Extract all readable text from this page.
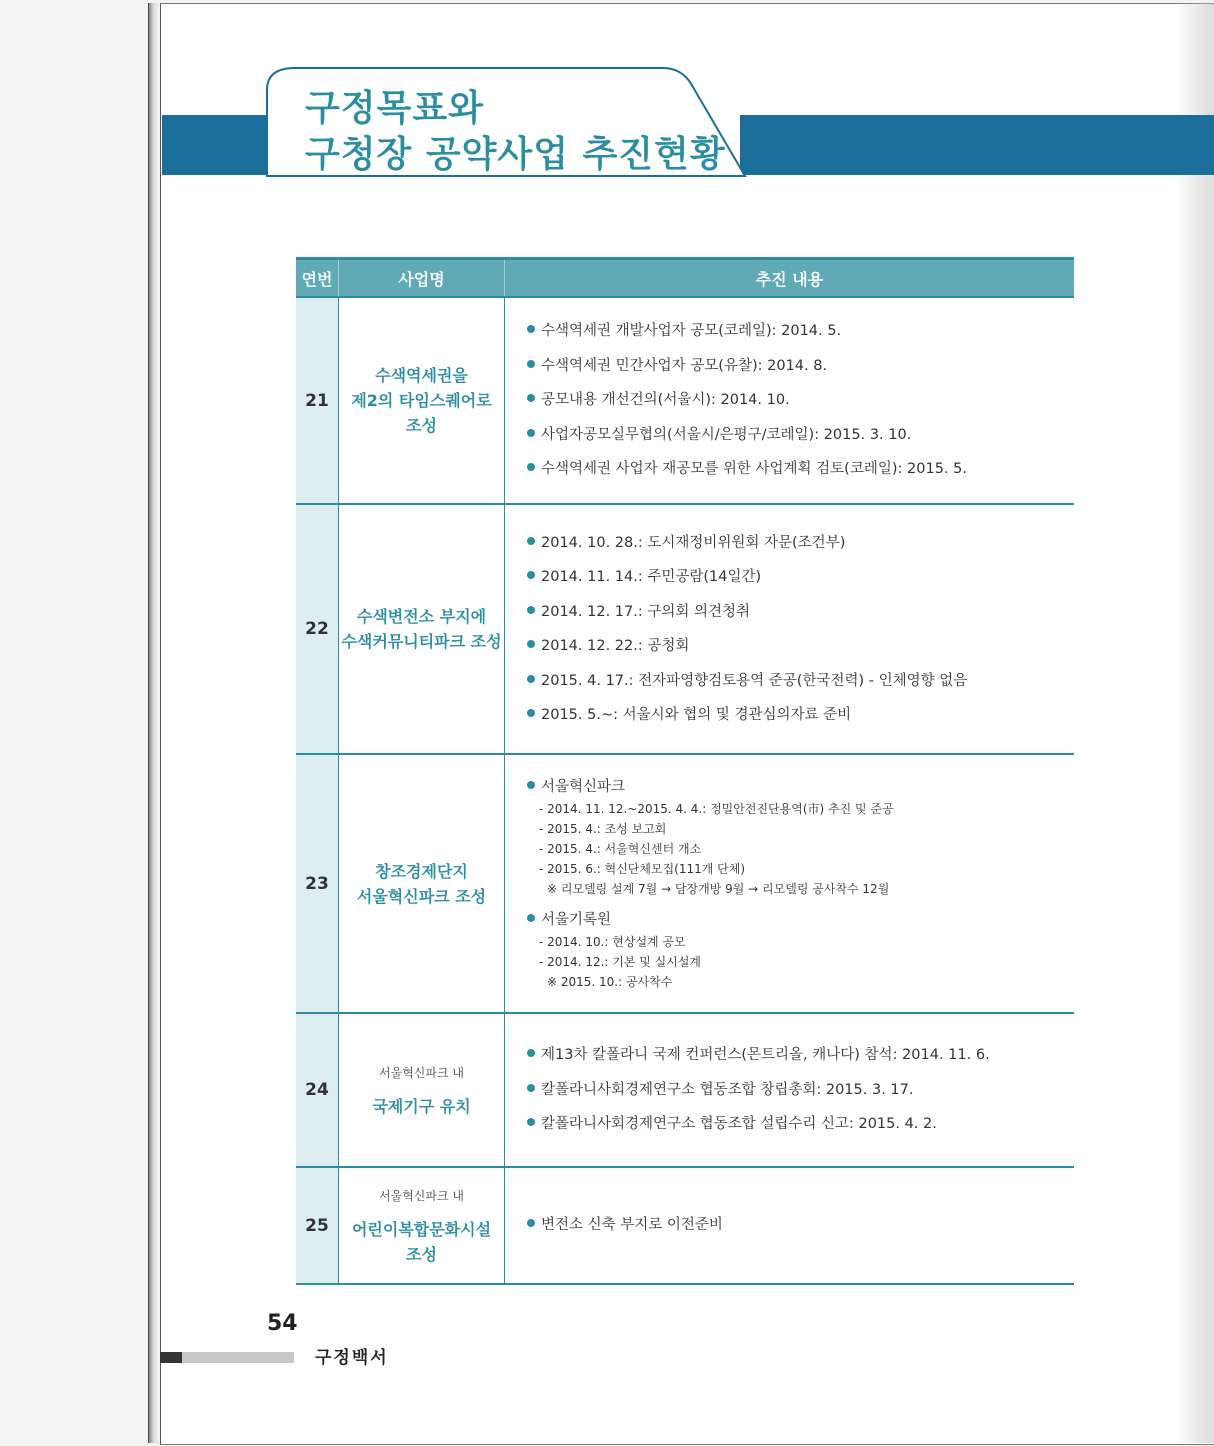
구정목표와
구청장 공약사업 추진현황
연번	사업명	추진 내용
21
수색역세권을
제2의 타임스퀘어로
조성
수색역세권 개발사업자 공모(코레일): 2014. 5.
수색역세권 민간사업자 공모(유찰): 2014. 8.
공모내용 개선건의(서울시): 2014. 10.
사업자공모실무협의(서울시/은평구/코레일): 2015. 3. 10.
수색역세권 사업자 재공모를 위한 사업계획 검토(코레일): 2015. 5.
22
수색변전소 부지에
수색커뮤니티파크 조성
2014. 10. 28.: 도시재정비위원회 자문(조건부)
2014. 11. 14.: 주민공람(14일간)
2014. 12. 17.: 구의회 의견청취
2014. 12. 22.: 공청회
2015. 4. 17.: 전자파영향검토용역 준공(한국전력) - 인체영향 없음
2015. 5.~: 서울시와 협의 및 경관심의자료 준비
23
창조경제단지
서울혁신파크 조성
서울혁신파크
- 2014. 11. 12.~2015. 4. 4.: 정밀안전진단용역(市) 추진 및 준공
- 2015. 4.: 조성 보고회
- 2015. 4.: 서울혁신센터 개소
- 2015. 6.: 혁신단체모집(111개 단체)
※ 리모델링 설계 7월 → 담장개방 9월 → 리모델링 공사착수 12월
서울기록원
- 2014. 10.: 현상설계 공모
- 2014. 12.: 기본 및 실시설계
※ 2015. 10.: 공사착수
24
서울혁신파크 내
국제기구 유치
제13차 칼폴라니 국제 컨퍼런스(몬트리올, 캐나다) 참석: 2014. 11. 6.
칼폴라니사회경제연구소 협동조합 창립총회: 2015. 3. 17.
칼폴라니사회경제연구소 협동조합 설립수리 신고: 2015. 4. 2.
25
서울혁신파크 내
어린이복합문화시설
조성
변전소 신축 부지로 이전준비
54
구정백서
